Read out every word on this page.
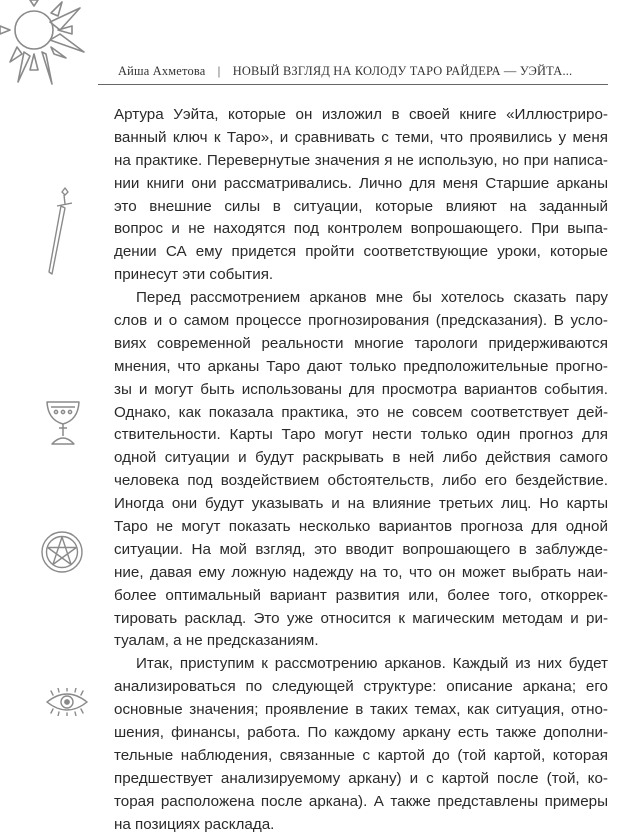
Айша Ахметова | НОВЫЙ ВЗГЛЯД НА КОЛОДУ ТАРО РАЙДЕРА — УЭЙТА...
Артура Уэйта, которые он изложил в своей книге «Иллюстриро-
ванный ключ к Таро», и сравнивать с теми, что проявились у меня
на практике. Перевернутые значения я не использую, но при написа-
нии книги они рассматривались. Лично для меня Старшие арканы
это внешние силы в ситуации, которые влияют на заданный
вопрос и не находятся под контролем вопрошающего. При выпа-
дении СА ему придется пройти соответствующие уроки, которые
принесут эти события.
Перед рассмотрением арканов мне бы хотелось сказать пару
слов и о самом процессе прогнозирования (предсказания). В усло-
виях современной реальности многие тарологи придерживаются
мнения, что арканы Таро дают только предположительные прогно-
зы и могут быть использованы для просмотра вариантов события.
Однако, как показала практика, это не совсем соответствует дей-
ствительности. Карты Таро могут нести только один прогноз для
одной ситуации и будут раскрывать в ней либо действия самого
человека под воздействием обстоятельств, либо его бездействие.
Иногда они будут указывать и на влияние третьих лиц. Но карты
Таро не могут показать несколько вариантов прогноза для одной
ситуации. На мой взгляд, это вводит вопрошающего в заблужде-
ние, давая ему ложную надежду на то, что он может выбрать наи-
более оптимальный вариант развития или, более того, откоррек-
тировать расклад. Это уже относится к магическим методам и ри-
туалам, а не предсказаниям.
Итак, приступим к рассмотрению арканов. Каждый из них будет
анализироваться по следующей структуре: описание аркана; его
основные значения; проявление в таких темах, как ситуация, отно-
шения, финансы, работа. По каждому аркану есть также дополни-
тельные наблюдения, связанные с картой до (той картой, которая
предшествует анализируемому аркану) и с картой после (той, ко-
торая расположена после аркана). А также представлены примеры
на позициях расклада.
